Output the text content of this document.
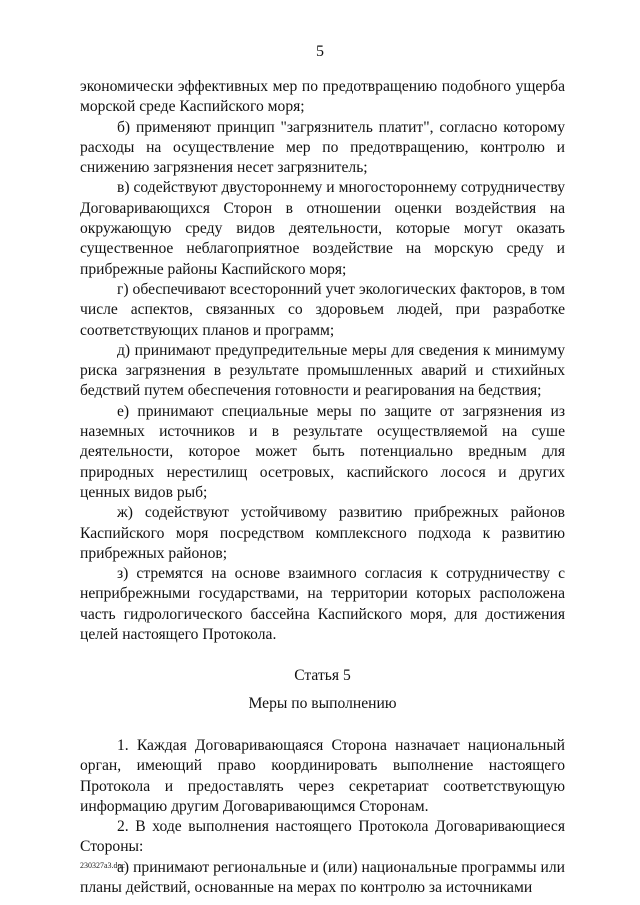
5

экономически эффективных мер по предотвращению подобного ущерба морской среде Каспийского моря;

б) применяют принцип "загрязнитель платит", согласно которому расходы на осуществление мер по предотвращению, контролю и снижению загрязнения несет загрязнитель;

в) содействуют двустороннему и многостороннему сотрудничеству Договаривающихся Сторон в отношении оценки воздействия на окружающую среду видов деятельности, которые могут оказать существенное неблагоприятное воздействие на морскую среду и прибрежные районы Каспийского моря;

г) обеспечивают всесторонний учет экологических факторов, в том числе аспектов, связанных со здоровьем людей, при разработке соответствующих планов и программ;

д) принимают предупредительные меры для сведения к минимуму риска загрязнения в результате промышленных аварий и стихийных бедствий путем обеспечения готовности и реагирования на бедствия;

е) принимают специальные меры по защите от загрязнения из наземных источников и в результате осуществляемой на суше деятельности, которое может быть потенциально вредным для природных нерестилищ осетровых, каспийского лосося и других ценных видов рыб;

ж) содействуют устойчивому развитию прибрежных районов Каспийского моря посредством комплексного подхода к развитию прибрежных районов;

з) стремятся на основе взаимного согласия к сотрудничеству с неприбрежными государствами, на территории которых расположена часть гидрологического бассейна Каспийского моря, для достижения целей настоящего Протокола.

Статья 5

Меры по выполнению

1. Каждая Договаривающаяся Сторона назначает национальный орган, имеющий право координировать выполнение настоящего Протокола и предоставлять через секретариат соответствующую информацию другим Договаривающимся Сторонам.

2. В ходе выполнения настоящего Протокола Договаривающиеся Стороны:

а) принимают региональные и (или) национальные программы или планы действий, основанные на мерах по контролю за источниками

230327a3.doc
